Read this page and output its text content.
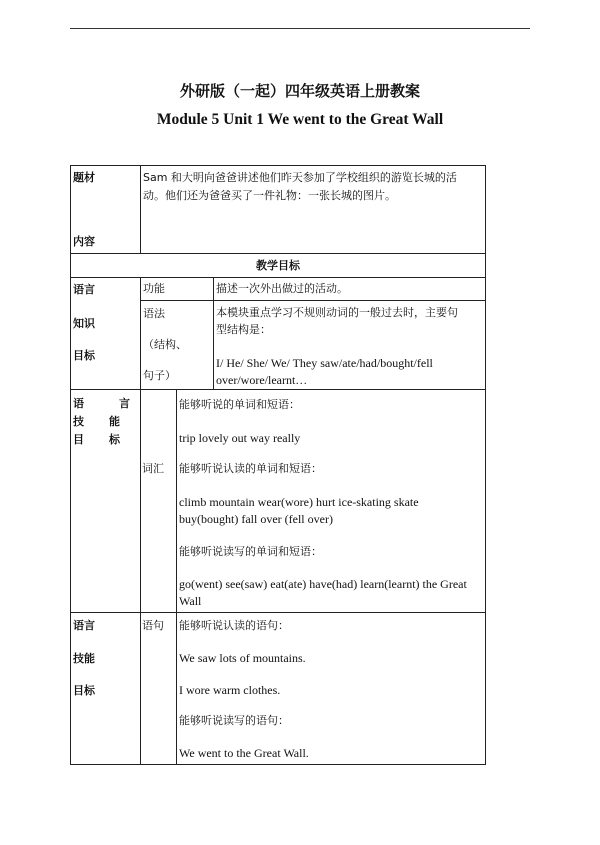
外研版（一起）四年级英语上册教案
Module 5 Unit 1 We went to the Great Wall
题材
内容
Sam 和大明向爸爸讲述他们昨天参加了学校组织的游览长城的活
动。他们还为爸爸买了一件礼物：一张长城的图片。
教学目标
语言
知识
目标
功能	描述一次外出做过的活动。
语法
（结构、
句子）
本模块重点学习不规则动词的一般过去时，主要句
型结构是：
I/ He/ She/ We/ They saw/ate/had/bought/fell
over/wore/learnt…
语	言
技 能
目 标
词汇
能够听说的单词和短语：
trip lovely out way really
能够听说认读的单词和短语：
climb mountain wear(wore) hurt ice-skating skate
buy(bought) fall over (fell over)
能够听说读写的单词和短语：
go(went) see(saw) eat(ate) have(had) learn(learnt) the Great
Wall
语言
技能
目标
语句 能够听说认读的语句：
We saw lots of mountains.
I wore warm clothes.
能够听说读写的语句：
We went to the Great Wall.
